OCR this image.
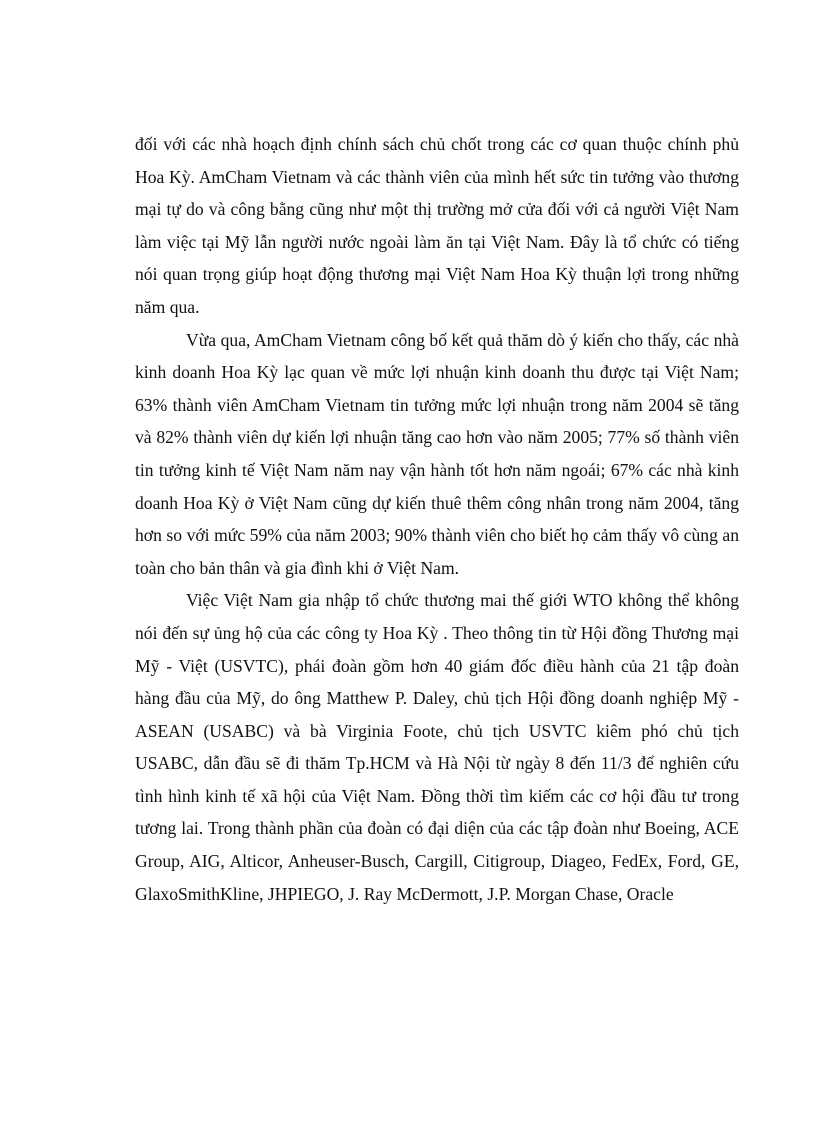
đối với các nhà hoạch định chính sách chủ chốt trong các cơ quan thuộc chính phủ Hoa Kỳ. AmCham Vietnam và các thành viên của mình hết sức tin tưởng vào thương mại tự do và công bằng cũng như một thị trường mở cửa đối với cả người Việt Nam làm việc tại Mỹ lẫn người nước ngoài làm ăn tại Việt Nam. Đây là tổ chức có tiếng nói quan trọng giúp hoạt động thương mại Việt Nam Hoa Kỳ thuận lợi trong những năm qua.

Vừa qua, AmCham Vietnam công bố kết quả thăm dò ý kiến cho thấy, các nhà kinh doanh Hoa Kỳ lạc quan về mức lợi nhuận kinh doanh thu được tại Việt Nam; 63% thành viên AmCham Vietnam tin tưởng mức lợi nhuận trong năm 2004 sẽ tăng và 82% thành viên dự kiến lợi nhuận tăng cao hơn vào năm 2005; 77% số thành viên tin tưởng kinh tế Việt Nam năm nay vận hành tốt hơn năm ngoái; 67% các nhà kinh doanh Hoa Kỳ ở Việt Nam cũng dự kiến thuê thêm công nhân trong năm 2004, tăng hơn so với mức 59% của năm 2003; 90% thành viên cho biết họ cảm thấy vô cùng an toàn cho bản thân và gia đình khi ở Việt Nam.

Việc Việt Nam gia nhập tổ chức thương mai thế giới WTO không thể không nói đến sự ủng hộ của các công ty Hoa Kỳ . Theo thông tin từ Hội đồng Thương mại Mỹ - Việt (USVTC), phái đoàn gồm hơn 40 giám đốc điều hành của 21 tập đoàn hàng đầu của Mỹ, do ông Matthew P. Daley, chủ tịch Hội đồng doanh nghiệp Mỹ - ASEAN (USABC) và bà Virginia Foote, chủ tịch USVTC kiêm phó chủ tịch USABC, dẫn đầu sẽ đi thăm Tp.HCM và Hà Nội từ ngày 8 đến 11/3 để nghiên cứu tình hình kinh tế xã hội của Việt Nam. Đồng thời tìm kiếm các cơ hội đầu tư trong tương lai. Trong thành phần của đoàn có đại diện của các tập đoàn như Boeing, ACE Group, AIG, Alticor, Anheuser-Busch, Cargill, Citigroup, Diageo, FedEx, Ford, GE, GlaxoSmithKline, JHPIEGO, J. Ray McDermott, J.P. Morgan Chase, Oracle
